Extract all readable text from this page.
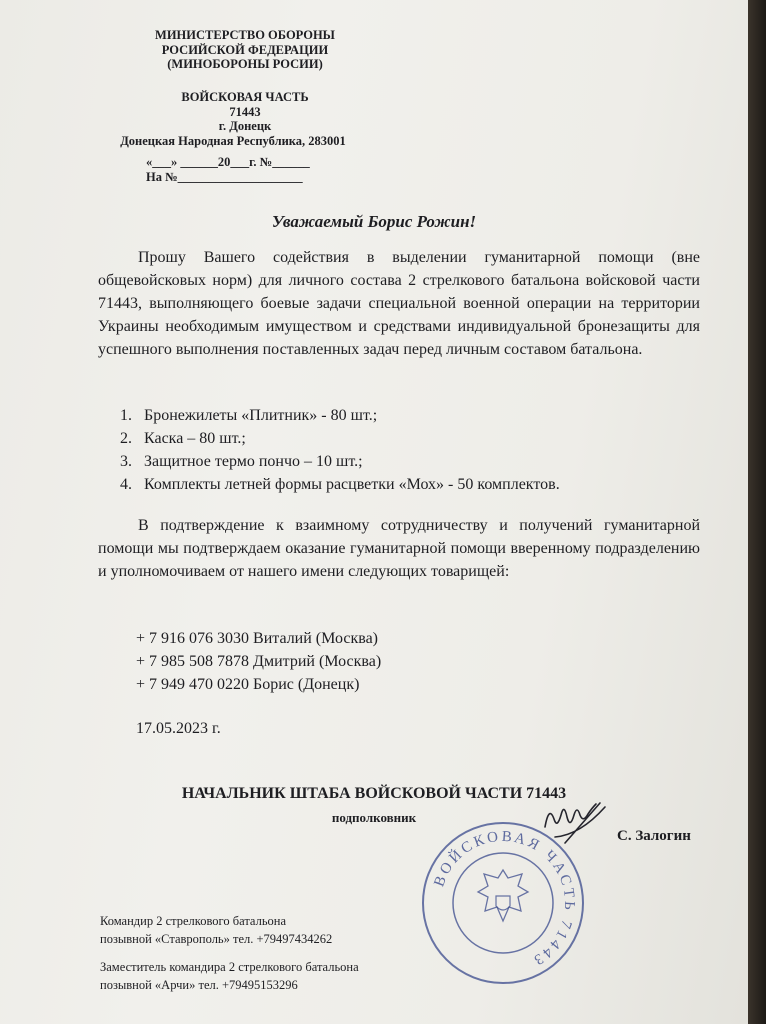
МИНИСТЕРСТВО ОБОРОНЫ
РОСИЙСКОЙ ФЕДЕРАЦИИ
(МИНОБОРОНЫ РОСИИ)
ВОЙСКОВАЯ ЧАСТЬ
71443
г. Донецк
Донецкая Народная Республика, 283001
«___» ______20___г. №______
На №____________________
Уважаемый Борис Рожин!
Прошу Вашего содействия в выделении гуманитарной помощи (вне общевойсковых норм) для личного состава 2 стрелкового батальона войсковой части 71443, выполняющего боевые задачи специальной военной операции на территории Украины необходимым имуществом и средствами индивидуальной бронезащиты для успешного выполнения поставленных задач перед личным составом батальона.
1. Бронежилеты «Плитник» - 80 шт.;
2. Каска – 80 шт.;
3. Защитное термо пончо – 10 шт.;
4. Комплекты летней формы расцветки «Мох» - 50 комплектов.
В подтверждение к взаимному сотрудничеству и получений гуманитарной помощи мы подтверждаем оказание гуманитарной помощи вверенному подразделению и уполномочиваем от нашего имени следующих товарищей:
+ 7 916 076 3030 Виталий (Москва)
+ 7 985 508 7878 Дмитрий (Москва)
+ 7 949 470 0220 Борис (Донецк)
17.05.2023 г.
ВОЙСКОВАЯ ЧАСТЬ 71443
НАЧАЛЬНИК ШТАБА ВОЙСКОВОЙ ЧАСТИ 71443
подполковник
С. Залогин
Командир 2 стрелкового батальона
позывной «Ставрополь» тел. +79497434262
Заместитель командира 2 стрелкового батальона
позывной «Арчи» тел. +79495153296
